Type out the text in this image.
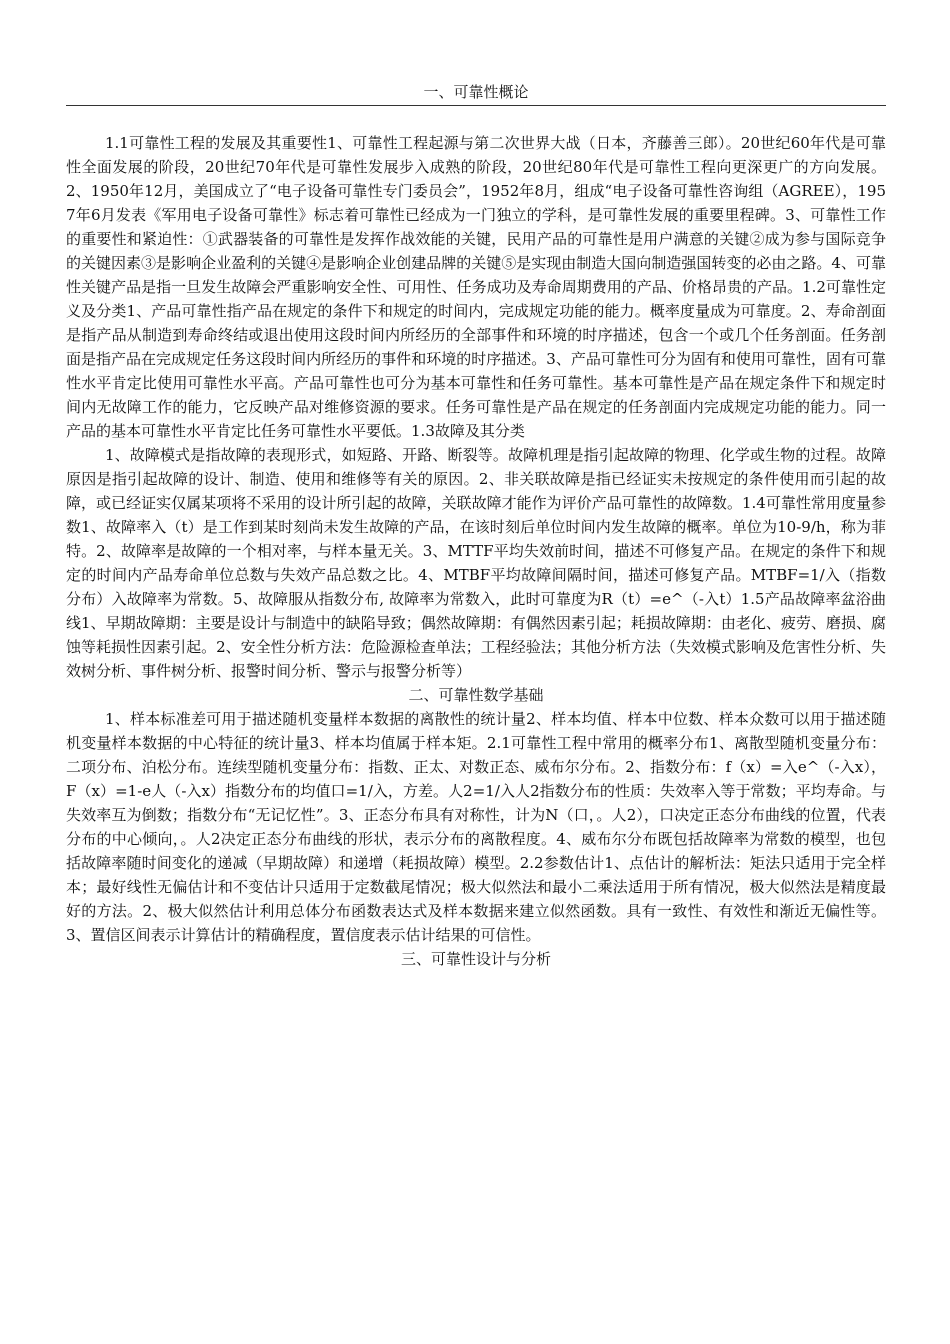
一、可靠性概论

1.1可靠性工程的发展及其重要性1、可靠性工程起源与第二次世界大战（日本，齐藤善三郎）。20世纪60年代是可靠性全面发展的阶段，20世纪70年代是可靠性发展步入成熟的阶段，20世纪80年代是可靠性工程向更深更广的方向发展。2、1950年12月，美国成立了“电子设备可靠性专门委员会”，1952年8月，组成“电子设备可靠性咨询组（AGREE），1957年6月发表《军用电子设备可靠性》标志着可靠性已经成为一门独立的学科，是可靠性发展的重要里程碑。3、可靠性工作的重要性和紧迫性：①武器装备的可靠性是发挥作战效能的关键，民用产品的可靠性是用户满意的关键②成为参与国际竞争的关键因素③是影响企业盈利的关键④是影响企业创建品牌的关键⑤是实现由制造大国向制造强国转变的必由之路。4、可靠性关键产品是指一旦发生故障会严重影响安全性、可用性、任务成功及寿命周期费用的产品、价格昂贵的产品。1.2可靠性定义及分类1、产品可靠性指产品在规定的条件下和规定的时间内，完成规定功能的能力。概率度量成为可靠度。2、寿命剖面是指产品从制造到寿命终结或退出使用这段时间内所经历的全部事件和环境的时序描述，包含一个或几个任务剖面。任务剖面是指产品在完成规定任务这段时间内所经历的事件和环境的时序描述。3、产品可靠性可分为固有和使用可靠性，固有可靠性水平肯定比使用可靠性水平高。产品可靠性也可分为基本可靠性和任务可靠性。基本可靠性是产品在规定条件下和规定时间内无故障工作的能力，它反映产品对维修资源的要求。任务可靠性是产品在规定的任务剖面内完成规定功能的能力。同一产品的基本可靠性水平肯定比任务可靠性水平要低。1.3故障及其分类

1、故障模式是指故障的表现形式，如短路、开路、断裂等。故障机理是指引起故障的物理、化学或生物的过程。故障原因是指引起故障的设计、制造、使用和维修等有关的原因。2、非关联故障是指已经证实未按规定的条件使用而引起的故障，或已经证实仅属某项将不采用的设计所引起的故障，关联故障才能作为评价产品可靠性的故障数。1.4可靠性常用度量参数1、故障率入（t）是工作到某时刻尚未发生故障的产品，在该时刻后单位时间内发生故障的概率。单位为10-9/h，称为菲特。2、故障率是故障的一个相对率，与样本量无关。3、MTTF平均失效前时间，描述不可修复产品。在规定的条件下和规定的时间内产品寿命单位总数与失效产品总数之比。4、MTBF平均故障间隔时间，描述可修复产品。MTBF=1/入（指数分布）入故障率为常数。5、故障服从指数分布, 故障率为常数入，此时可靠度为R（t）=e^（-入t）1.5产品故障率盆浴曲线1、早期故障期：主要是设计与制造中的缺陷导致；偶然故障期：有偶然因素引起；耗损故障期：由老化、疲劳、磨损、腐蚀等耗损性因素引起。2、安全性分析方法：危险源检查单法；工程经验法；其他分析方法（失效模式影响及危害性分析、失效树分析、事件树分析、报警时间分析、警示与报警分析等）

二、可靠性数学基础

1、样本标准差可用于描述随机变量样本数据的离散性的统计量2、样本均值、样本中位数、样本众数可以用于描述随机变量样本数据的中心特征的统计量3、样本均值属于样本矩。2.1可靠性工程中常用的概率分布1、离散型随机变量分布：二项分布、泊松分布。连续型随机变量分布：指数、正太、对数正态、威布尔分布。2、指数分布：f（x）=入e^（-入x），F（x）=1-e人（-入x）指数分布的均值口=1/入，方差。人2=1/入人2指数分布的性质：失效率入等于常数；平均寿命。与失效率互为倒数；指数分布“无记忆性”。3、正态分布具有对称性，计为N（口，。人2），口决定正态分布曲线的位置，代表分布的中心倾向，。人2决定正态分布曲线的形状，表示分布的离散程度。4、威布尔分布既包括故障率为常数的模型，也包括故障率随时间变化的递减（早期故障）和递增（耗损故障）模型。2.2参数估计1、点估计的解析法：矩法只适用于完全样本；最好线性无偏估计和不变估计只适用于定数截尾情况；极大似然法和最小二乘法适用于所有情况，极大似然法是精度最好的方法。2、极大似然估计利用总体分布函数表达式及样本数据来建立似然函数。具有一致性、有效性和渐近无偏性等。3、置信区间表示计算估计的精确程度，置信度表示估计结果的可信性。

三、可靠性设计与分析
